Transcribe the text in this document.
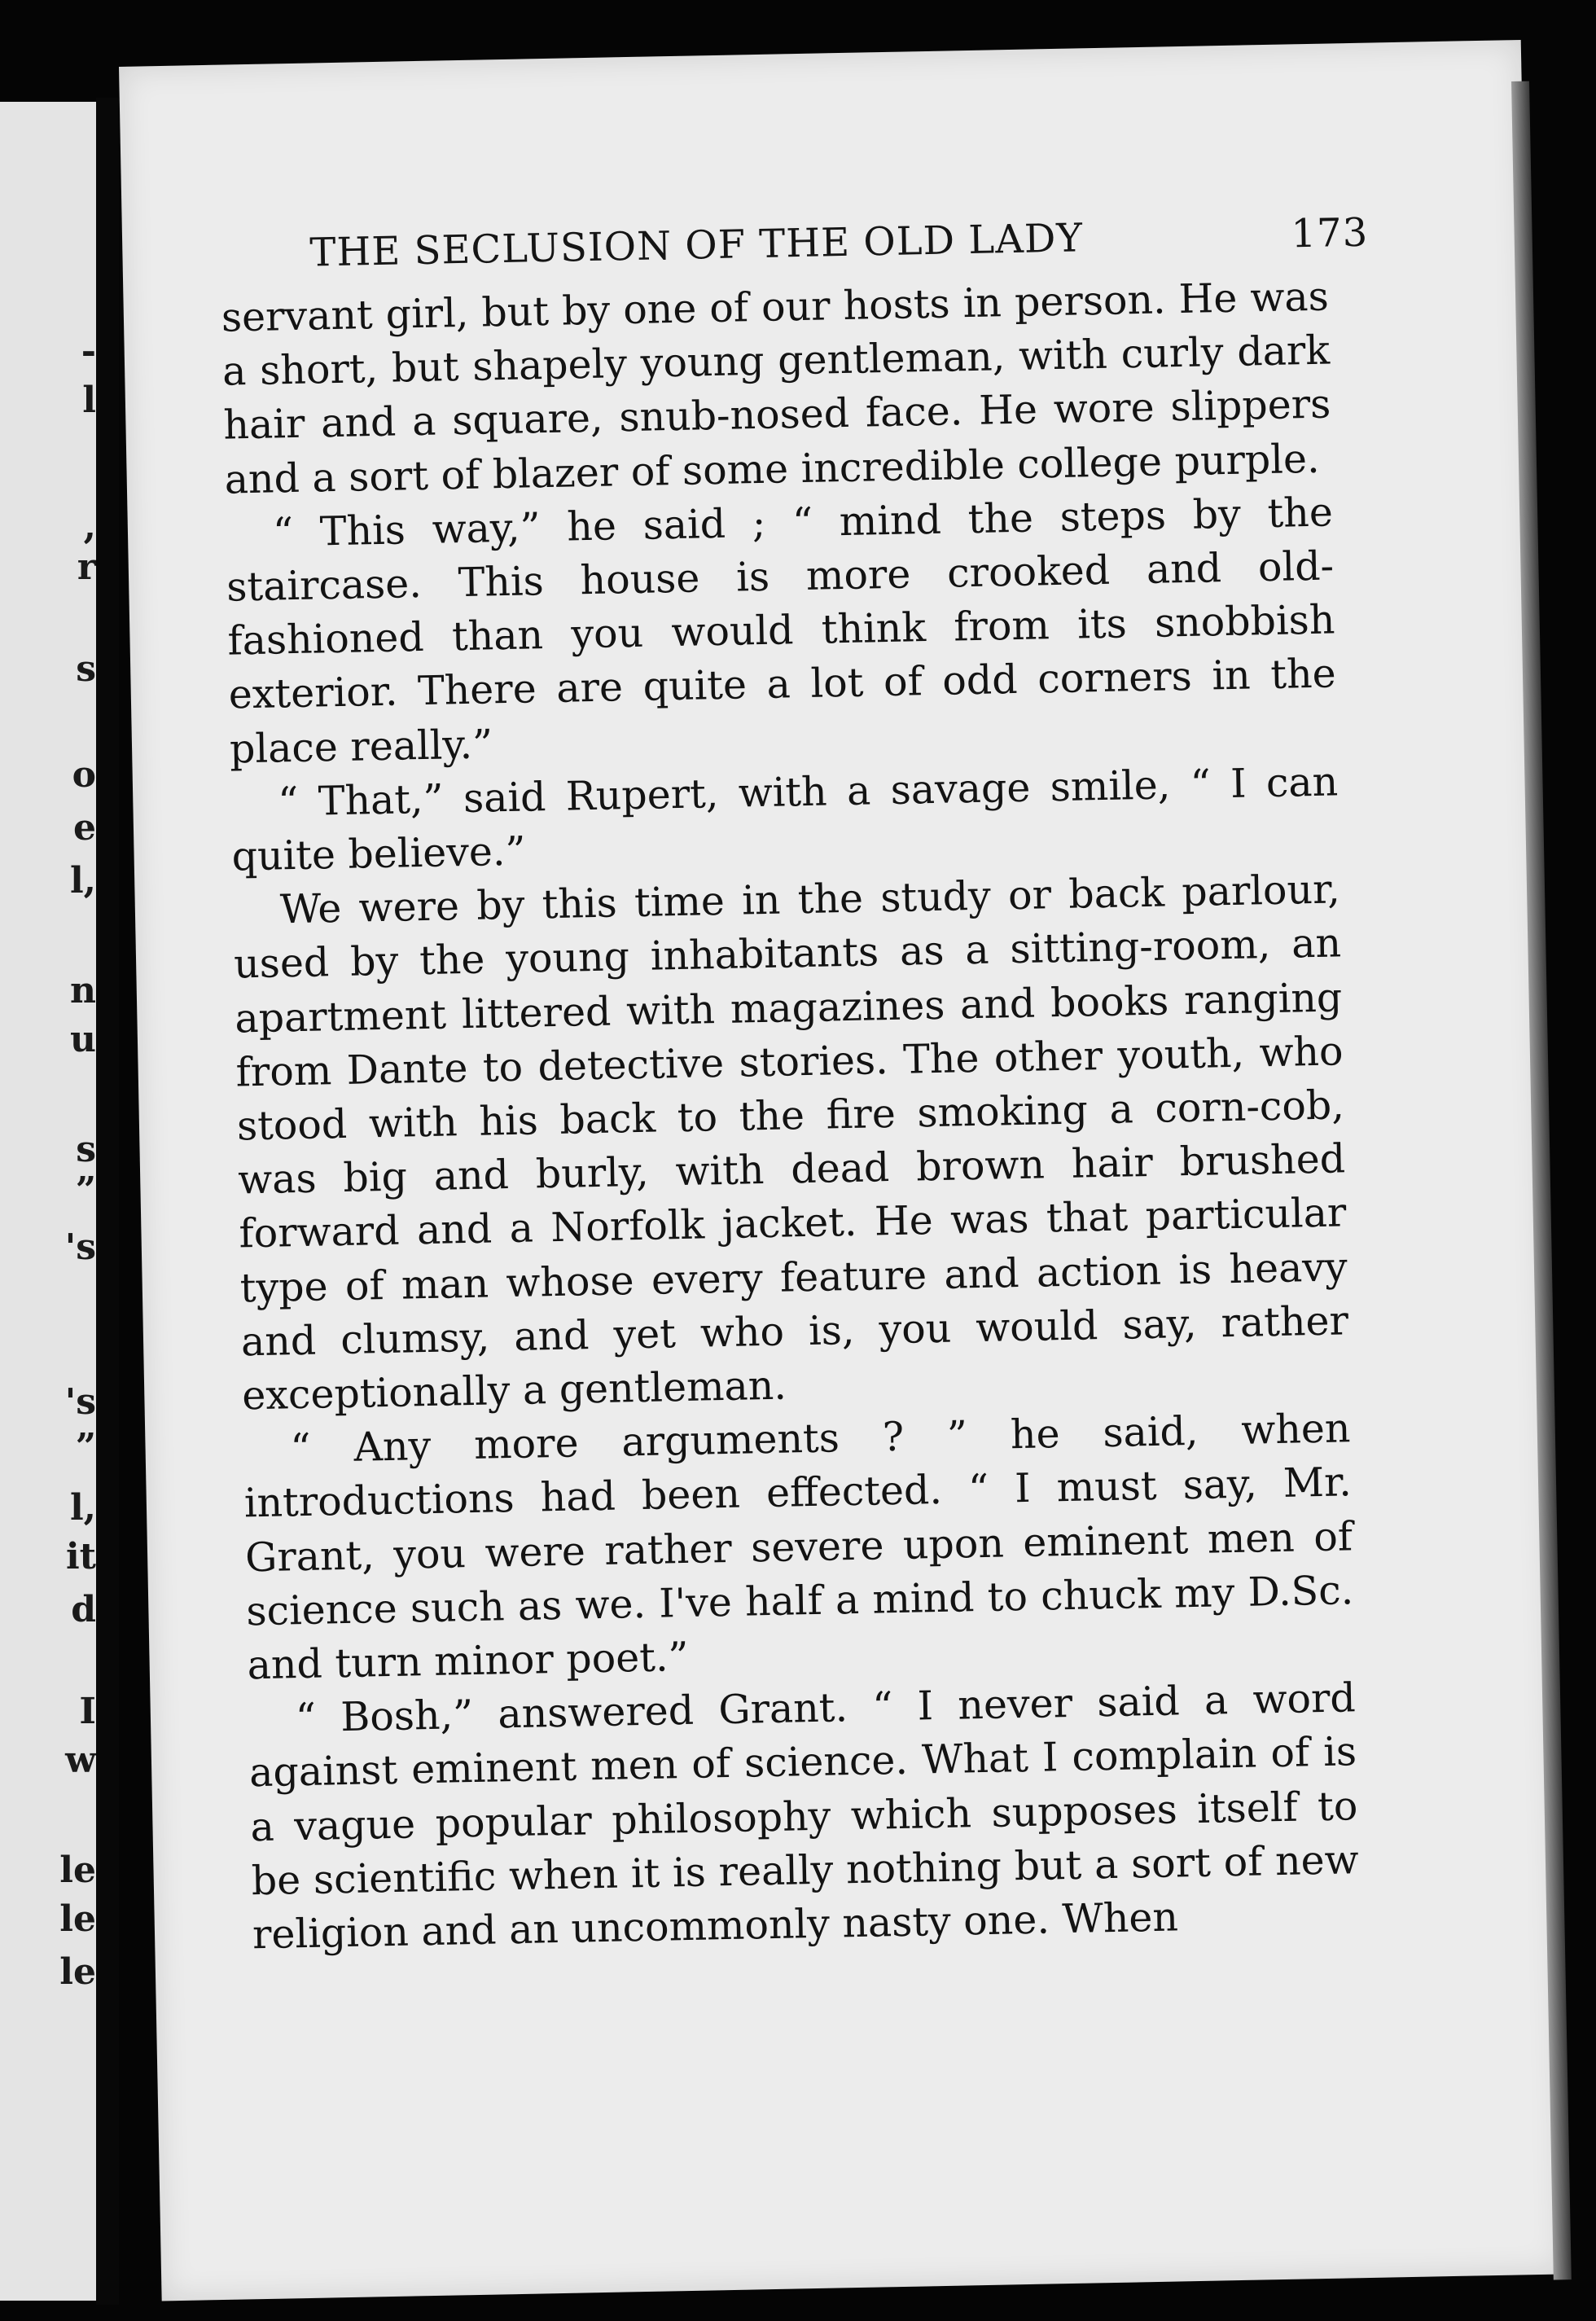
-
l
,
r
s
o
e
l,
n
u
s
”
's
's
”
l,
it
d
I
w
le
le
le
THE SECLUSION OF THE OLD LADY	173

servant girl, but by one of our hosts in person. He was a short, but shapely young gentleman, with curly dark hair and a square, snub-nosed face. He wore slippers and a sort of blazer of some incredible college purple.

“ This way,” he said ; “ mind the steps by the staircase. This house is more crooked and old-fashioned than you would think from its snobbish exterior. There are quite a lot of odd corners in the place really.”

“ That,” said Rupert, with a savage smile, “ I can quite believe.”

We were by this time in the study or back parlour, used by the young inhabitants as a sitting-room, an apartment littered with magazines and books ranging from Dante to detective stories. The other youth, who stood with his back to the fire smoking a corn-cob, was big and burly, with dead brown hair brushed forward and a Norfolk jacket. He was that particular type of man whose every feature and action is heavy and clumsy, and yet who is, you would say, rather exceptionally a gentleman.

“ Any more arguments ? ” he said, when introductions had been effected. “ I must say, Mr. Grant, you were rather severe upon eminent men of science such as we. I've half a mind to chuck my D.Sc. and turn minor poet.”

“ Bosh,” answered Grant. “ I never said a word against eminent men of science. What I complain of is a vague popular philosophy which supposes itself to be scientific when it is really nothing but a sort of new religion and an uncommonly nasty one. When
